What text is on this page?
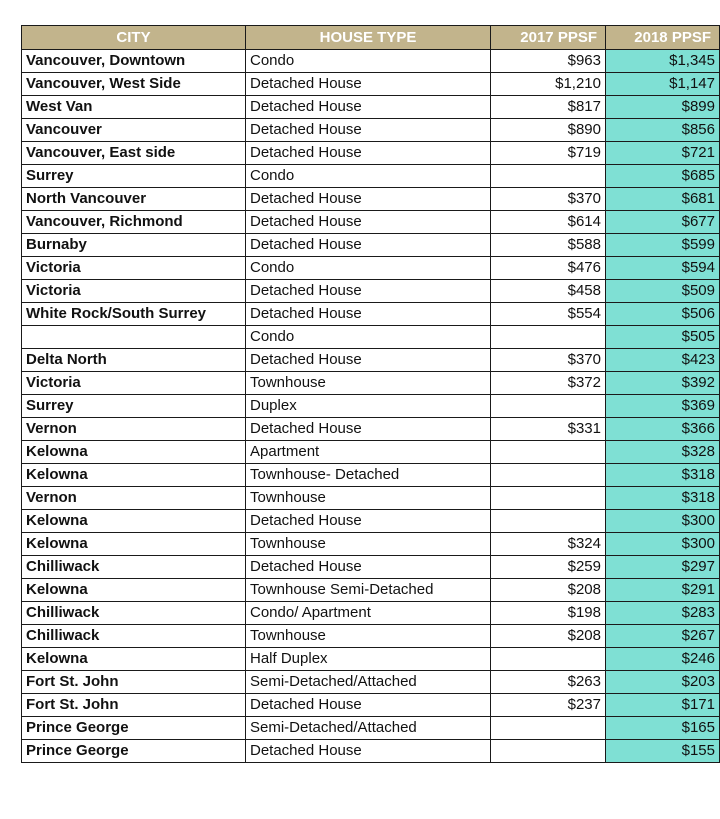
CITY	HOUSE TYPE	2017 PPSF	2018 PPSF
Vancouver, Downtown	Condo	$963	$1,345
Vancouver, West Side	Detached House	$1,210	$1,147
West Van	Detached House	$817	$899
Vancouver	Detached House	$890	$856
Vancouver, East side	Detached House	$719	$721
Surrey	Condo		$685
North Vancouver	Detached House	$370	$681
Vancouver, Richmond	Detached House	$614	$677
Burnaby	Detached House	$588	$599
Victoria	Condo	$476	$594
Victoria	Detached House	$458	$509
White Rock/South Surrey	Detached House	$554	$506
	Condo		$505
Delta North	Detached House	$370	$423
Victoria	Townhouse	$372	$392
Surrey	Duplex		$369
Vernon	Detached House	$331	$366
Kelowna	Apartment		$328
Kelowna	Townhouse- Detached		$318
Vernon	Townhouse		$318
Kelowna	Detached House		$300
Kelowna	Townhouse	$324	$300
Chilliwack	Detached House	$259	$297
Kelowna	Townhouse Semi-Detached	$208	$291
Chilliwack	Condo/ Apartment	$198	$283
Chilliwack	Townhouse	$208	$267
Kelowna	Half Duplex		$246
Fort St. John	Semi-Detached/Attached	$263	$203
Fort St. John	Detached House	$237	$171
Prince George	Semi-Detached/Attached		$165
Prince George	Detached House		$155
